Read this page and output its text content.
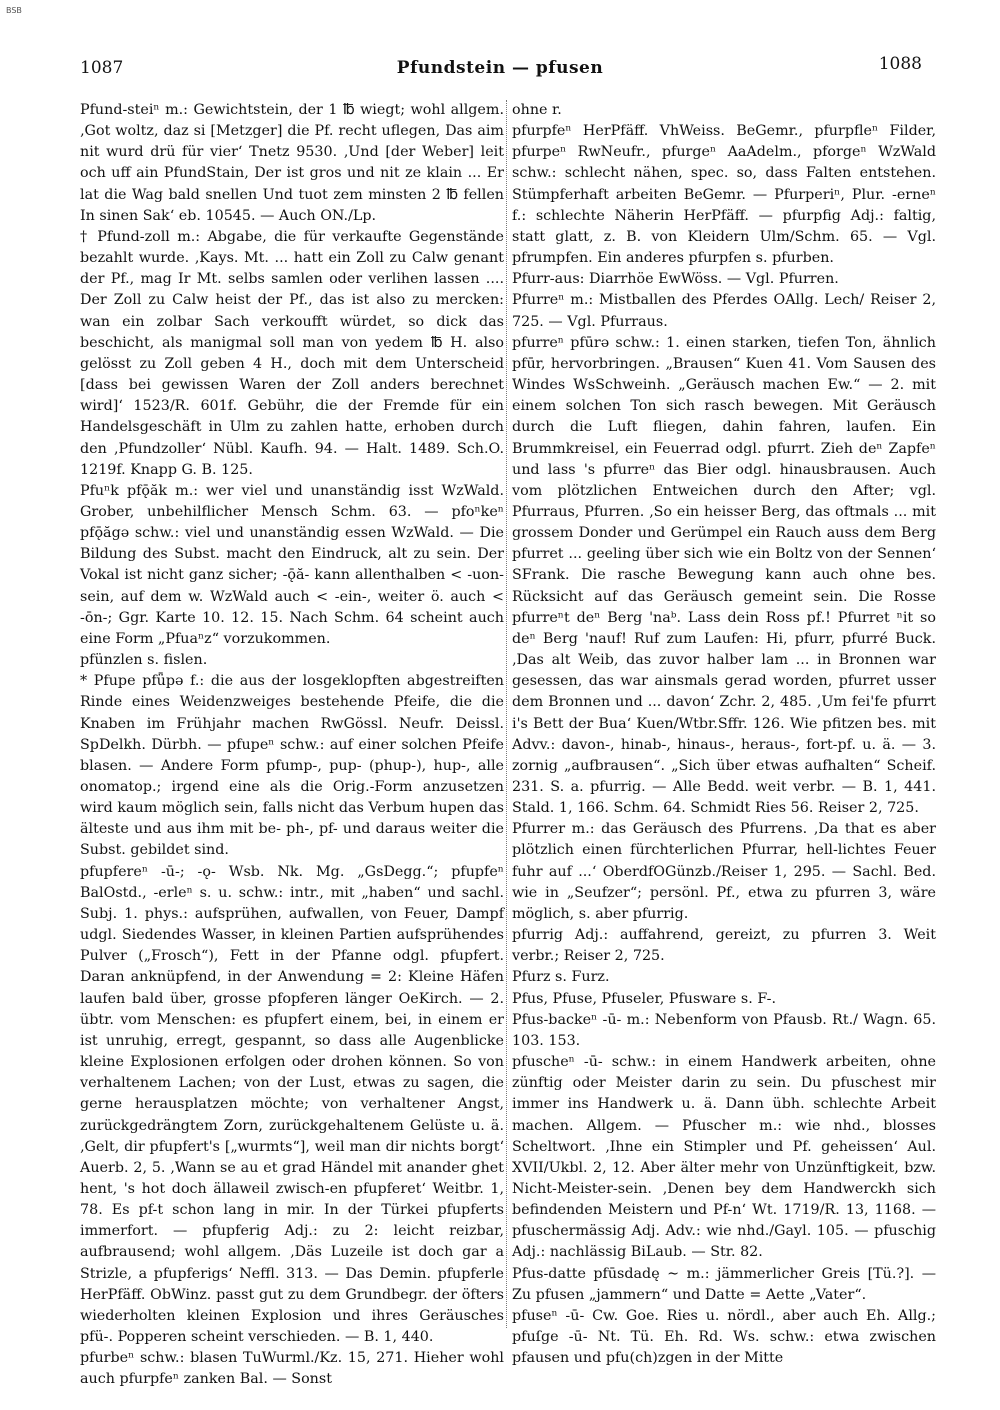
BSB
1087	Pfundstein — pfusen	1088

Pfund-steiⁿ m.: Gewichtstein, der 1 ℔ wiegt; wohl allgem. ‚Got woltz, daz si [Metzger] die Pf. recht uflegen, Das aim nit wurd drü für vier‘ Tnetz 9530. ‚Und [der Weber] leit och uff ain PfundStain, Der ist gros und nit ze klain ... Er lat die Wag bald snellen Und tuot zem minsten 2 ℔ fellen In sinen Sak‘ eb. 10545. — Auch ON./Lp.

† Pfund-zoll m.: Abgabe, die für verkaufte Gegenstände bezahlt wurde. ‚Kays. Mt. ... hatt ein Zoll zu Calw genant der Pf., mag Ir Mt. selbs samlen oder verlihen lassen .... Der Zoll zu Calw heist der Pf., das ist also zu mercken: wan ein zolbar Sach verkoufft würdet, so dick das beschicht, als manigmal soll man von yedem ℔ H. also gelösst zu Zoll geben 4 H., doch mit dem Unterscheid [dass bei gewissen Waren der Zoll anders berechnet wird]‘ 1523/R. 601f. Gebühr, die der Fremde für ein Handelsgeschäft in Ulm zu zahlen hatte, erhoben durch den ‚Pfundzoller‘ Nübl. Kaufh. 94. — Halt. 1489. Sch.O. 1219f. Knapp G. B. 125.

Pfuⁿk pfǭăk m.: wer viel und unanständig isst WzWald. Grober, unbehilflicher Mensch Schm. 63. — pfoⁿkeⁿ pfǭăgə schw.: viel und unanständig essen WzWald. — Die Bildung des Subst. macht den Eindruck, alt zu sein. Der Vokal ist nicht ganz sicher; -ǭă- kann allenthalben < -uon- sein, auf dem w. WzWald auch < -ein-, weiter ö. auch < -ōn-; Ggr. Karte 10. 12. 15. Nach Schm. 64 scheint auch eine Form „Pfuaⁿz“ vorzukommen.

pfünzlen s. fislen.

* Pfupe pfǖpə f.: die aus der losgeklopften abgestreiften Rinde eines Weidenzweiges bestehende Pfeife, die die Knaben im Frühjahr machen RwGössl. Neufr. Deissl. SpDelkh. Dürbh. — pfupeⁿ schw.: auf einer solchen Pfeife blasen. — Andere Form pfump-, pup- (phup-), hup-, alle onomatop.; irgend eine als die Orig.-Form anzusetzen wird kaum möglich sein, falls nicht das Verbum hupen das älteste und aus ihm mit be- ph-, pf- und daraus weiter die Subst. gebildet sind.

pfupfereⁿ -ū-; -ǫ- Wsb. Nk. Mg. „GsDegg.“; pfupfeⁿ BalOstd., -erleⁿ s. u. schw.: intr., mit „haben“ und sachl. Subj. 1. phys.: aufsprühen, aufwallen, von Feuer, Dampf udgl. Siedendes Wasser, in kleinen Partien aufsprühendes Pulver („Frosch“), Fett in der Pfanne odgl. pfupfert. Daran anknüpfend, in der Anwendung = 2: Kleine Häfen laufen bald über, grosse pfopferen länger OeKirch. — 2. übtr. vom Menschen: es pfupfert einem, bei, in einem er ist unruhig, erregt, gespannt, so dass alle Augenblicke kleine Explosionen erfolgen oder drohen können. So von verhaltenem Lachen; von der Lust, etwas zu sagen, die gerne herausplatzen möchte; von verhaltener Angst, zurückgedrängtem Zorn, zurückgehaltenem Gelüste u. ä. ‚Gelt, dir pfupfert's [„wurmts“], weil man dir nichts borgt‘ Auerb. 2, 5. ‚Wann se au et grad Händel mit anander ghet hent, 's hot doch ällaweil zwisch-en pfupferet‘ Weitbr. 1, 78. Es pf-t schon lang in mir. In der Türkei pfupferts immerfort. — pfupferig Adj.: zu 2: leicht reizbar, aufbrausend; wohl allgem. ‚Däs Luzeile ist doch gar a Strizle, a pfupferigs‘ Neffl. 313. — Das Demin. pfupferle HerPfäff. ObWinz. passt gut zu dem Grundbegr. der öfters wiederholten kleinen Explosion und ihres Geräusches pfü-. Popperen scheint verschieden. — B. 1, 440.

pfurbeⁿ schw.: blasen TuWurml./Kz. 15, 271. Hieher wohl auch pfurpfeⁿ zanken Bal. — Sonst

ohne r.

pfurpfeⁿ HerPfäff. VhWeiss. BeGemr., pfurpfleⁿ Filder, pfurpeⁿ RwNeufr., pfurgeⁿ AaAdelm., pforgeⁿ WzWald schw.: schlecht nähen, spec. so, dass Falten entstehen. Stümpferhaft arbeiten BeGemr. — Pfurperiⁿ, Plur. -erneⁿ f.: schlechte Näherin HerPfäff. — pfurpfig Adj.: faltig, statt glatt, z. B. von Kleidern Ulm/Schm. 65. — Vgl. pfrumpfen. Ein anderes pfurpfen s. pfurben.

Pfurr-aus: Diarrhöe EwWöss. — Vgl. Pfurren.

Pfurreⁿ m.: Mistballen des Pferdes OAllg. Lech/ Reiser 2, 725. — Vgl. Pfurraus.

pfurreⁿ pfūrə schw.: 1. einen starken, tiefen Ton, ähnlich pfūr, hervorbringen. „Brausen“ Kuen 41. Vom Sausen des Windes WsSchweinh. „Geräusch machen Ew.“ — 2. mit einem solchen Ton sich rasch bewegen. Mit Geräusch durch die Luft fliegen, dahin fahren, laufen. Ein Brummkreisel, ein Feuerrad odgl. pfurrt. Zieh deⁿ Zapfeⁿ und lass 's pfurreⁿ das Bier odgl. hinausbrausen. Auch vom plötzlichen Entweichen durch den After; vgl. Pfurraus, Pfurren. ‚So ein heisser Berg, das oftmals ... mit grossem Donder und Gerümpel ein Rauch auss dem Berg pfurret ... geeling über sich wie ein Boltz von der Sennen‘ SFrank. Die rasche Bewegung kann auch ohne bes. Rücksicht auf das Geräusch gemeint sein. Die Rosse pfurreⁿt deⁿ Berg 'naᵇ. Lass dein Ross pf.! Pfurret ⁿit so deⁿ Berg 'nauf! Ruf zum Laufen: Hi, pfurr, pfurré Buck. ‚Das alt Weib, das zuvor halber lam ... in Bronnen war gesessen, das war ainsmals gerad worden, pfurret usser dem Bronnen und ... davon‘ Zchr. 2, 485. ‚Um fei'fe pfurrt i's Bett der Bua‘ Kuen/Wtbr.Sffr. 126. Wie pfitzen bes. mit Advv.: davon-, hinab-, hinaus-, heraus-, fort-pf. u. ä. — 3. zornig „aufbrausen“. „Sich über etwas aufhalten“ Scheif. 231. S. a. pfurrig. — Alle Bedd. weit verbr. — B. 1, 441. Stald. 1, 166. Schm. 64. Schmidt Ries 56. Reiser 2, 725.

Pfurrer m.: das Geräusch des Pfurrens. ‚Da that es aber plötzlich einen fürchterlichen Pfurrar, hell-lichtes Feuer fuhr auf ...‘ OberdfOGünzb./Reiser 1, 295. — Sachl. Bed. wie in „Seufzer“; persönl. Pf., etwa zu pfurren 3, wäre möglich, s. aber pfurrig.

pfurrig Adj.: auffahrend, gereizt, zu pfurren 3. Weit verbr.; Reiser 2, 725.

Pfurz s. Furz.

Pfus, Pfuse, Pfuseler, Pfusware s. F-.

Pfus-backeⁿ -ū- m.: Nebenform von Pfausb. Rt./ Wagn. 65. 103. 153.

pfuscheⁿ -ū- schw.: in einem Handwerk arbeiten, ohne zünftig oder Meister darin zu sein. Du pfuschest mir immer ins Handwerk u. ä. Dann übh. schlechte Arbeit machen. Allgem. — Pfuscher m.: wie nhd., blosses Scheltwort. ‚Ihne ein Stimpler und Pf. geheissen‘ Aul. XVII/Ukbl. 2, 12. Aber älter mehr von Unzünftigkeit, bzw. Nicht-Meister-sein. ‚Denen bey dem Handwerckh sich befindenden Meistern und Pf-n‘ Wt. 1719/R. 13, 1168. — pfuschermässig Adj. Adv.: wie nhd./Gayl. 105. — pfuschig Adj.: nachlässig BiLaub. — Str. 82.

Pfus-datte pfūsdadę ∼ m.: jämmerlicher Greis [Tü.?]. — Zu pfusen „jammern“ und Datte = Aette „Vater“.

pfuseⁿ -ū- Cw. Goe. Ries u. nördl., aber auch Eh. Allg.; pfuſge -ū- Nt. Tü. Eh. Rd. Ws. schw.: etwa zwischen pfausen und pfu(ch)zgen in der Mitte
